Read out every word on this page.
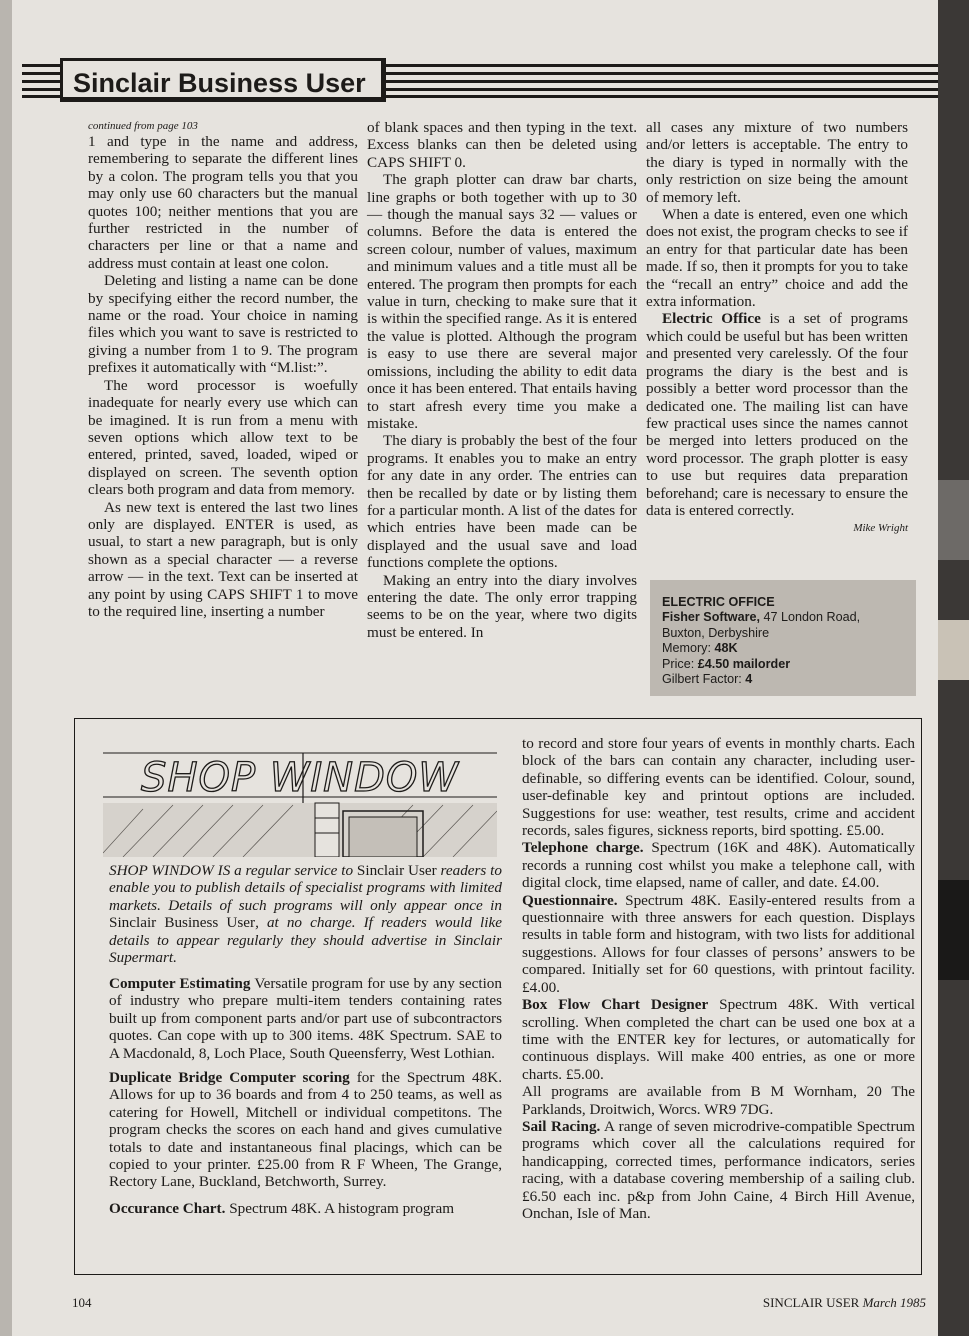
Sinclair Business User
continued from page 103

1 and type in the name and address, remembering to separate the different lines by a colon. The program tells you that you may only use 60 characters but the manual quotes 100; neither mentions that you are further restricted in the number of characters per line or that a name and address must contain at least one colon.

Deleting and listing a name can be done by specifying either the record number, the name or the road. Your choice in naming files which you want to save is restricted to giving a number from 1 to 9. The program prefixes it automatically with “M.list:”.

The word processor is woefully inadequate for nearly every use which can be imagined. It is run from a menu with seven options which allow text to be entered, printed, saved, loaded, wiped or displayed on screen. The seventh option clears both program and data from memory.

As new text is entered the last two lines only are displayed. ENTER is used, as usual, to start a new paragraph, but is only shown as a special character — a reverse arrow — in the text. Text can be inserted at any point by using CAPS SHIFT 1 to move to the required line, inserting a number

of blank spaces and then typing in the text. Excess blanks can then be deleted using CAPS SHIFT 0.

The graph plotter can draw bar charts, line graphs or both together with up to 30 — though the manual says 32 — values or columns. Before the data is entered the screen colour, number of values, maximum and minimum values and a title must all be entered. The program then prompts for each value in turn, checking to make sure that it is within the specified range. As it is entered the value is plotted. Although the program is easy to use there are several major omissions, including the ability to edit data once it has been entered. That entails having to start afresh every time you make a mistake.

The diary is probably the best of the four programs. It enables you to make an entry for any date in any order. The entries can then be recalled by date or by listing them for a particular month. A list of the dates for which entries have been made can be displayed and the usual save and load functions complete the options.

Making an entry into the diary involves entering the date. The only error trapping seems to be on the year, where two digits must be entered. In

all cases any mixture of two numbers and/or letters is acceptable. The entry to the diary is typed in normally with the only restriction on size being the amount of memory left.

When a date is entered, even one which does not exist, the program checks to see if an entry for that particular date has been made. If so, then it prompts for you to take the “recall an entry” choice and add the extra information.

Electric Office is a set of programs which could be useful but has been written and presented very carelessly. Of the four programs the diary is the best and is possibly a better word processor than the dedicated one. The mailing list can have few practical uses since the names cannot be merged into letters produced on the word processor. The graph plotter is easy to use but requires data preparation beforehand; care is necessary to ensure the data is entered correctly.

Mike Wright
ELECTRIC OFFICE
Fisher Software, 47 London Road,
Buxton, Derbyshire
Memory: 48K
Price: £4.50 mailorder
Gilbert Factor: 4
SHOP WINDOW
SHOP WINDOW IS a regular service to Sinclair User readers to enable you to publish details of specialist programs with limited markets. Details of such programs will only appear once in Sinclair Business User, at no charge. If readers would like details to appear regularly they should advertise in Sinclair Supermart.

Computer Estimating Versatile program for use by any section of industry who prepare multi-item tenders containing rates built up from component parts and/or part use of subcontractors quotes. Can cope with up to 300 items. 48K Spectrum. SAE to A Macdonald, 8, Loch Place, South Queensferry, West Lothian.

Duplicate Bridge Computer scoring for the Spectrum 48K. Allows for up to 36 boards and from 4 to 250 teams, as well as catering for Howell, Mitchell or individual competitons. The program checks the scores on each hand and gives cumulative totals to date and instantaneous final placings, which can be copied to your printer. £25.00 from R F Wheen, The Grange, Rectory Lane, Buckland, Betchworth, Surrey.

Occurance Chart. Spectrum 48K. A histogram program

to record and store four years of events in monthly charts. Each block of the bars can contain any character, including user-definable, so differing events can be identified. Colour, sound, user-definable key and printout options are included. Suggestions for use: weather, test results, crime and accident records, sales figures, sickness reports, bird spotting. £5.00.

Telephone charge. Spectrum (16K and 48K). Automatically records a running cost whilst you make a telephone call, with digital clock, time elapsed, name of caller, and date. £4.00.

Questionnaire. Spectrum 48K. Easily-entered results from a questionnaire with three answers for each question. Displays results in table form and histogram, with two lists for additional suggestions. Allows for four classes of persons’ answers to be compared. Initially set for 60 questions, with printout facility. £4.00.

Box Flow Chart Designer Spectrum 48K. With vertical scrolling. When completed the chart can be used one box at a time with the ENTER key for lectures, or automatically for continuous displays. Will make 400 entries, as one or more charts. £5.00.

All programs are available from B M Wornham, 20 The Parklands, Droitwich, Worcs. WR9 7DG.

Sail Racing. A range of seven microdrive-compatible Spectrum programs which cover all the calculations required for handicapping, corrected times, performance indicators, series racing, with a database covering membership of a sailing club. £6.50 each inc. p&p from John Caine, 4 Birch Hill Avenue, Onchan, Isle of Man.

104	SINCLAIR USER March 1985
